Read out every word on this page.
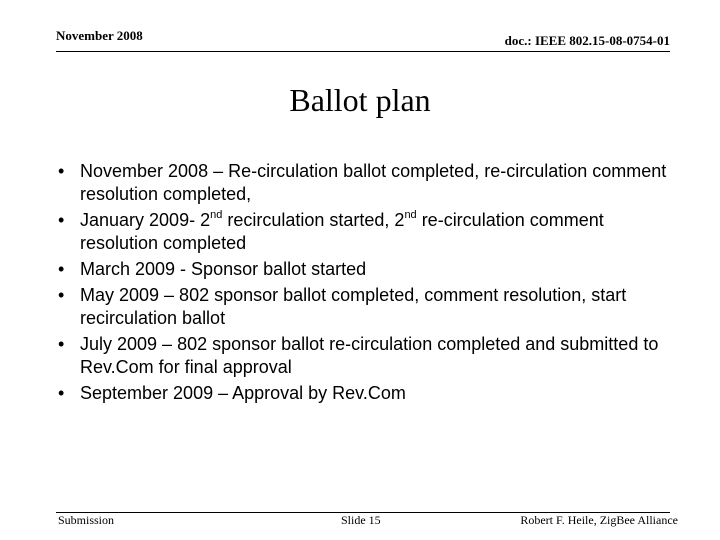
November 2008	doc.: IEEE 802.15-08-0754-01
Ballot plan
• November 2008 – Re-circulation ballot completed, re-circulation comment resolution completed,
• January 2009- 2nd recirculation started, 2nd re-circulation comment resolution completed
• March 2009 - Sponsor ballot started
• May 2009 – 802 sponsor ballot completed, comment resolution, start recirculation ballot
• July 2009 – 802 sponsor ballot re-circulation completed and submitted to Rev.Com for final approval
• September 2009 – Approval by Rev.Com
Submission	Slide 15	Robert F. Heile, ZigBee Alliance
